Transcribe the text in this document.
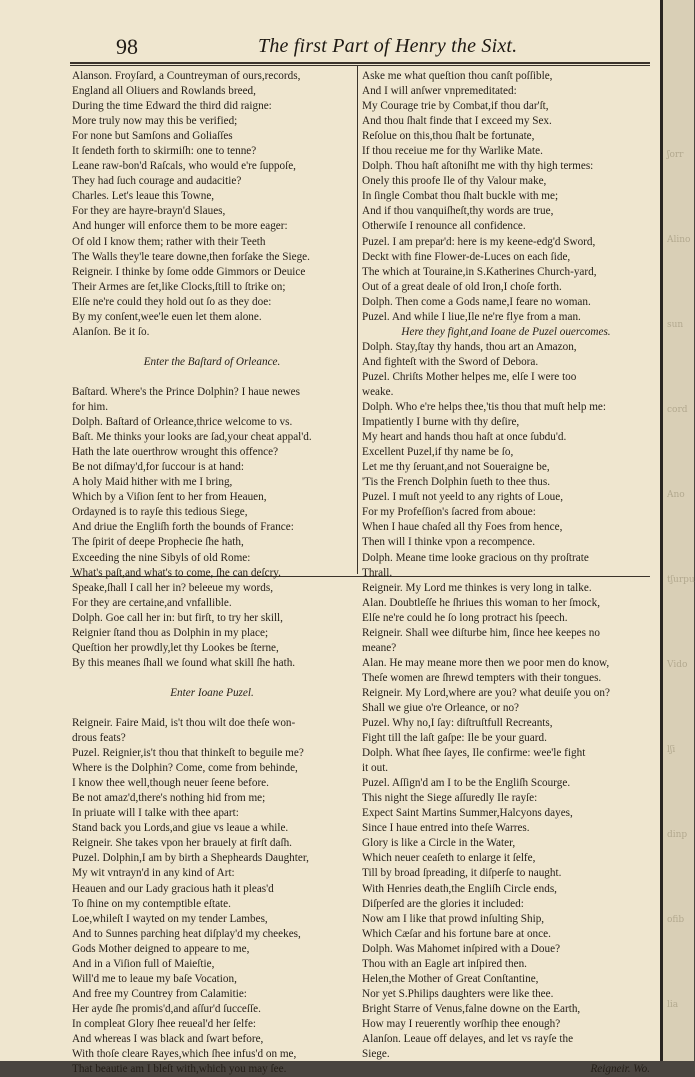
98	The first Part of Henry the Sixt.
Alanson. Froyſard, a Countreyman of ours,records,
England all Oliuers and Rowlands breed,
During the time Edward the third did raigne:
More truly now may this be verified;
For none but Samſons and Goliaſſes
It ſendeth forth to skirmiſh: one to tenne?
Leane raw-bon'd Raſcals, who would e're ſuppoſe,
They had ſuch courage and audacitie?
Charles. Let's leaue this Towne,
For they are hayre-brayn'd Slaues,
And hunger will enforce them to be more eager:
Of old I know them; rather with their Teeth
The Walls they'le teare downe,then forſake the Siege.
Reigneir. I thinke by ſome odde Gimmors or Deuice
Their Armes are ſet,like Clocks,ſtill to ſtrike on;
Elſe ne're could they hold out ſo as they doe:
By my conſent,wee'le euen let them alone.
Alanſon. Be it ſo.
Enter the Baſtard of Orleance.
Baſtard. Where's the Prince Dolphin? I haue newes
for him.
Dolph. Baſtard of Orleance,thrice welcome to vs.
Baſt. Me thinks your looks are ſad,your cheat appal'd.
Hath the late ouerthrow wrought this offence?
Be not diſmay'd,for ſuccour is at hand:
A holy Maid hither with me I bring,
Which by a Viſion ſent to her from Heauen,
Ordayned is to rayſe this tedious Siege,
And driue the Engliſh forth the bounds of France:
The ſpirit of deepe Prophecie ſhe hath,
Exceeding the nine Sibyls of old Rome:
What's paſt,and what's to come, ſhe can deſcry.
Speake,ſhall I call her in? beleeue my words,
For they are certaine,and vnfallible.
Dolph. Goe call her in: but firſt, to try her skill,
Reignier ſtand thou as Dolphin in my place;
Queſtion her prowdly,let thy Lookes be ſterne,
By this meanes ſhall we ſound what skill ſhe hath.
Enter Ioane Puzel.
Reigneir. Faire Maid, is't thou wilt doe theſe won-
drous feats?
Puzel. Reignier,is't thou that thinkeſt to beguile me?
Where is the Dolphin? Come, come from behinde,
I know thee well,though neuer ſeene before.
Be not amaz'd,there's nothing hid from me;
In priuate will I talke with thee apart:
Stand back you Lords,and giue vs leaue a while.
Reigneir. She takes vpon her brauely at firſt daſh.
Puzel. Dolphin,I am by birth a Shepheards Daughter,
My wit vntrayn'd in any kind of Art:
Heauen and our Lady gracious hath it pleas'd
To ſhine on my contemptible eſtate.
Loe,whileſt I wayted on my tender Lambes,
And to Sunnes parching heat diſplay'd my cheekes,
Gods Mother deigned to appeare to me,
And in a Viſion full of Maieſtie,
Will'd me to leaue my baſe Vocation,
And free my Countrey from Calamitie:
Her ayde ſhe promis'd,and aſſur'd ſucceſſe.
In compleat Glory ſhee reueal'd her ſelfe:
And whereas I was black and ſwart before,
With thoſe cleare Rayes,which ſhee infus'd on me,
That beautie am I bleſt with,which you may ſee.
Aske me what queſtion thou canſt poſſible,
And I will anſwer vnpremeditated:
My Courage trie by Combat,if thou dar'ſt,
And thou ſhalt finde that I exceed my Sex.
Reſolue on this,thou ſhalt be fortunate,
If thou receiue me for thy Warlike Mate.
Dolph. Thou haſt aſtoniſht me with thy high termes:
Onely this proofe Ile of thy Valour make,
In ſingle Combat thou ſhalt buckle with me;
And if thou vanquiſheſt,thy words are true,
Otherwiſe I renounce all confidence.
Puzel. I am prepar'd: here is my keene-edg'd Sword,
Deckt with fine Flower-de-Luces on each ſide,
The which at Touraine,in S.Katherines Church-yard,
Out of a great deale of old Iron,I choſe forth.
Dolph. Then come a Gods name,I feare no woman.
Puzel. And while I liue,Ile ne're flye from a man.
Here they fight,and Ioane de Puzel ouercomes.
Dolph. Stay,ſtay thy hands, thou art an Amazon,
And fighteſt with the Sword of Debora.
Puzel. Chriſts Mother helpes me, elſe I were too
weake.
Dolph. Who e're helps thee,'tis thou that muſt help me:
Impatiently I burne with thy deſire,
My heart and hands thou haſt at once ſubdu'd.
Excellent Puzel,if thy name be ſo,
Let me thy ſeruant,and not Soueraigne be,
'Tis the French Dolphin ſueth to thee thus.
Puzel. I muſt not yeeld to any rights of Loue,
For my Profeſſion's ſacred from aboue:
When I haue chaſed all thy Foes from hence,
Then will I thinke vpon a recompence.
Dolph. Meane time looke gracious on thy proſtrate
Thrall.
Reigneir. My Lord me thinkes is very long in talke.
Alan. Doubtleſſe he ſhriues this woman to her ſmock,
Elſe ne're could he ſo long protract his ſpeech.
Reigneir. Shall wee diſturbe him, ſince hee keepes no
meane?
Alan. He may meane more then we poor men do know,
Theſe women are ſhrewd tempters with their tongues.
Reigneir. My Lord,where are you? what deuiſe you on?
Shall we giue o're Orleance, or no?
Puzel. Why no,I ſay: diſtruſtfull Recreants,
Fight till the laſt gaſpe: Ile be your guard.
Dolph. What ſhee ſayes, Ile confirme: wee'le fight
it out.
Puzel. Aſſign'd am I to be the Engliſh Scourge.
This night the Siege aſſuredly Ile rayſe:
Expect Saint Martins Summer,Halcyons dayes,
Since I haue entred into theſe Warres.
Glory is like a Circle in the Water,
Which neuer ceaſeth to enlarge it ſelfe,
Till by broad ſpreading, it diſperſe to naught.
With Henries death,the Engliſh Circle ends,
Diſperſed are the glories it included:
Now am I like that prowd inſulting Ship,
Which Cæſar and his fortune bare at once.
Dolph. Was Mahomet inſpired with a Doue?
Thou with an Eagle art inſpired then.
Helen,the Mother of Great Conſtantine,
Nor yet S.Philips daughters were like thee.
Bright Starre of Venus,falne downe on the Earth,
How may I reuerently worſhip thee enough?
Alanſon. Leaue off delayes, and let vs rayſe the
Siege.
Reigneir. Wo.
ʃorr
Alino
sun
cord
Ano
tʃurpu
Vido
lʃi
dinp
ofib
lia
